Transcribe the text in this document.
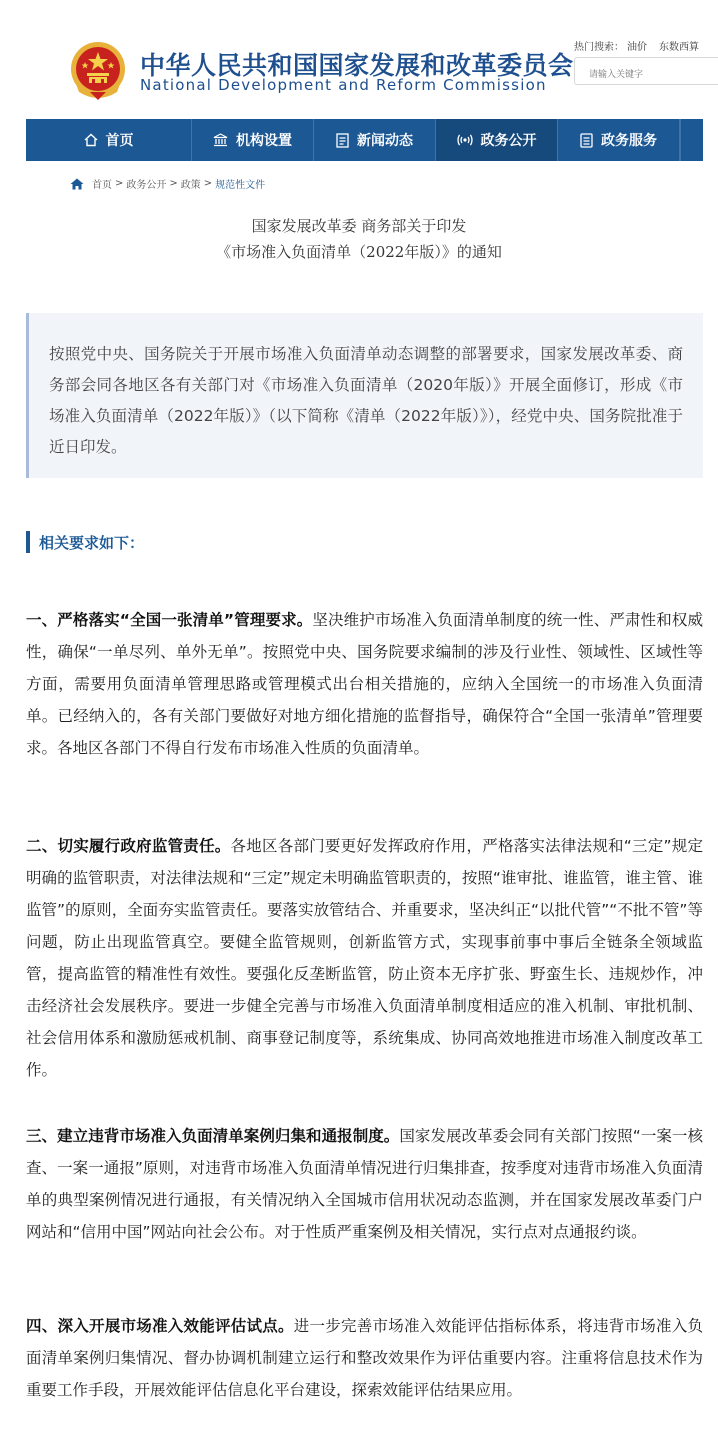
中华人民共和国国家发展和改革委员会
National Development and Reform Commission
热门搜索： 油价 东数西算
请输入关键字
首页	机构设置	新闻动态	政务公开	政务服务
首页 > 政务公开 > 政策 > 规范性文件
国家发展改革委 商务部关于印发
《市场准入负面清单（2022年版）》的通知

按照党中央、国务院关于开展市场准入负面清单动态调整的部署要求，国家发展改革委、商务部会同各地区各有关部门对《市场准入负面清单（2020年版）》开展全面修订，形成《市场准入负面清单（2022年版）》（以下简称《清单（2022年版）》），经党中央、国务院批准于近日印发。

相关要求如下：
一、严格落实“全国一张清单”管理要求。坚决维护市场准入负面清单制度的统一性、严肃性和权威性，确保“一单尽列、单外无单”。按照党中央、国务院要求编制的涉及行业性、领域性、区域性等方面，需要用负面清单管理思路或管理模式出台相关措施的，应纳入全国统一的市场准入负面清单。已经纳入的，各有关部门要做好对地方细化措施的监督指导，确保符合“全国一张清单”管理要求。各地区各部门不得自行发布市场准入性质的负面清单。
二、切实履行政府监管责任。各地区各部门要更好发挥政府作用，严格落实法律法规和“三定”规定明确的监管职责，对法律法规和“三定”规定未明确监管职责的，按照“谁审批、谁监管，谁主管、谁监管”的原则，全面夯实监管责任。要落实放管结合、并重要求，坚决纠正“以批代管”“不批不管”等问题，防止出现监管真空。要健全监管规则，创新监管方式，实现事前事中事后全链条全领域监管，提高监管的精准性有效性。要强化反垄断监管，防止资本无序扩张、野蛮生长、违规炒作，冲击经济社会发展秩序。要进一步健全完善与市场准入负面清单制度相适应的准入机制、审批机制、社会信用体系和激励惩戒机制、商事登记制度等，系统集成、协同高效地推进市场准入制度改革工作。
三、建立违背市场准入负面清单案例归集和通报制度。国家发展改革委会同有关部门按照“一案一核查、一案一通报”原则，对违背市场准入负面清单情况进行归集排查，按季度对违背市场准入负面清单的典型案例情况进行通报，有关情况纳入全国城市信用状况动态监测，并在国家发展改革委门户网站和“信用中国”网站向社会公布。对于性质严重案例及相关情况，实行点对点通报约谈。
四、深入开展市场准入效能评估试点。进一步完善市场准入效能评估指标体系，将违背市场准入负面清单案例归集情况、督办协调机制建立运行和整改效果作为评估重要内容。注重将信息技术作为重要工作手段，开展效能评估信息化平台建设，探索效能评估结果应用。
